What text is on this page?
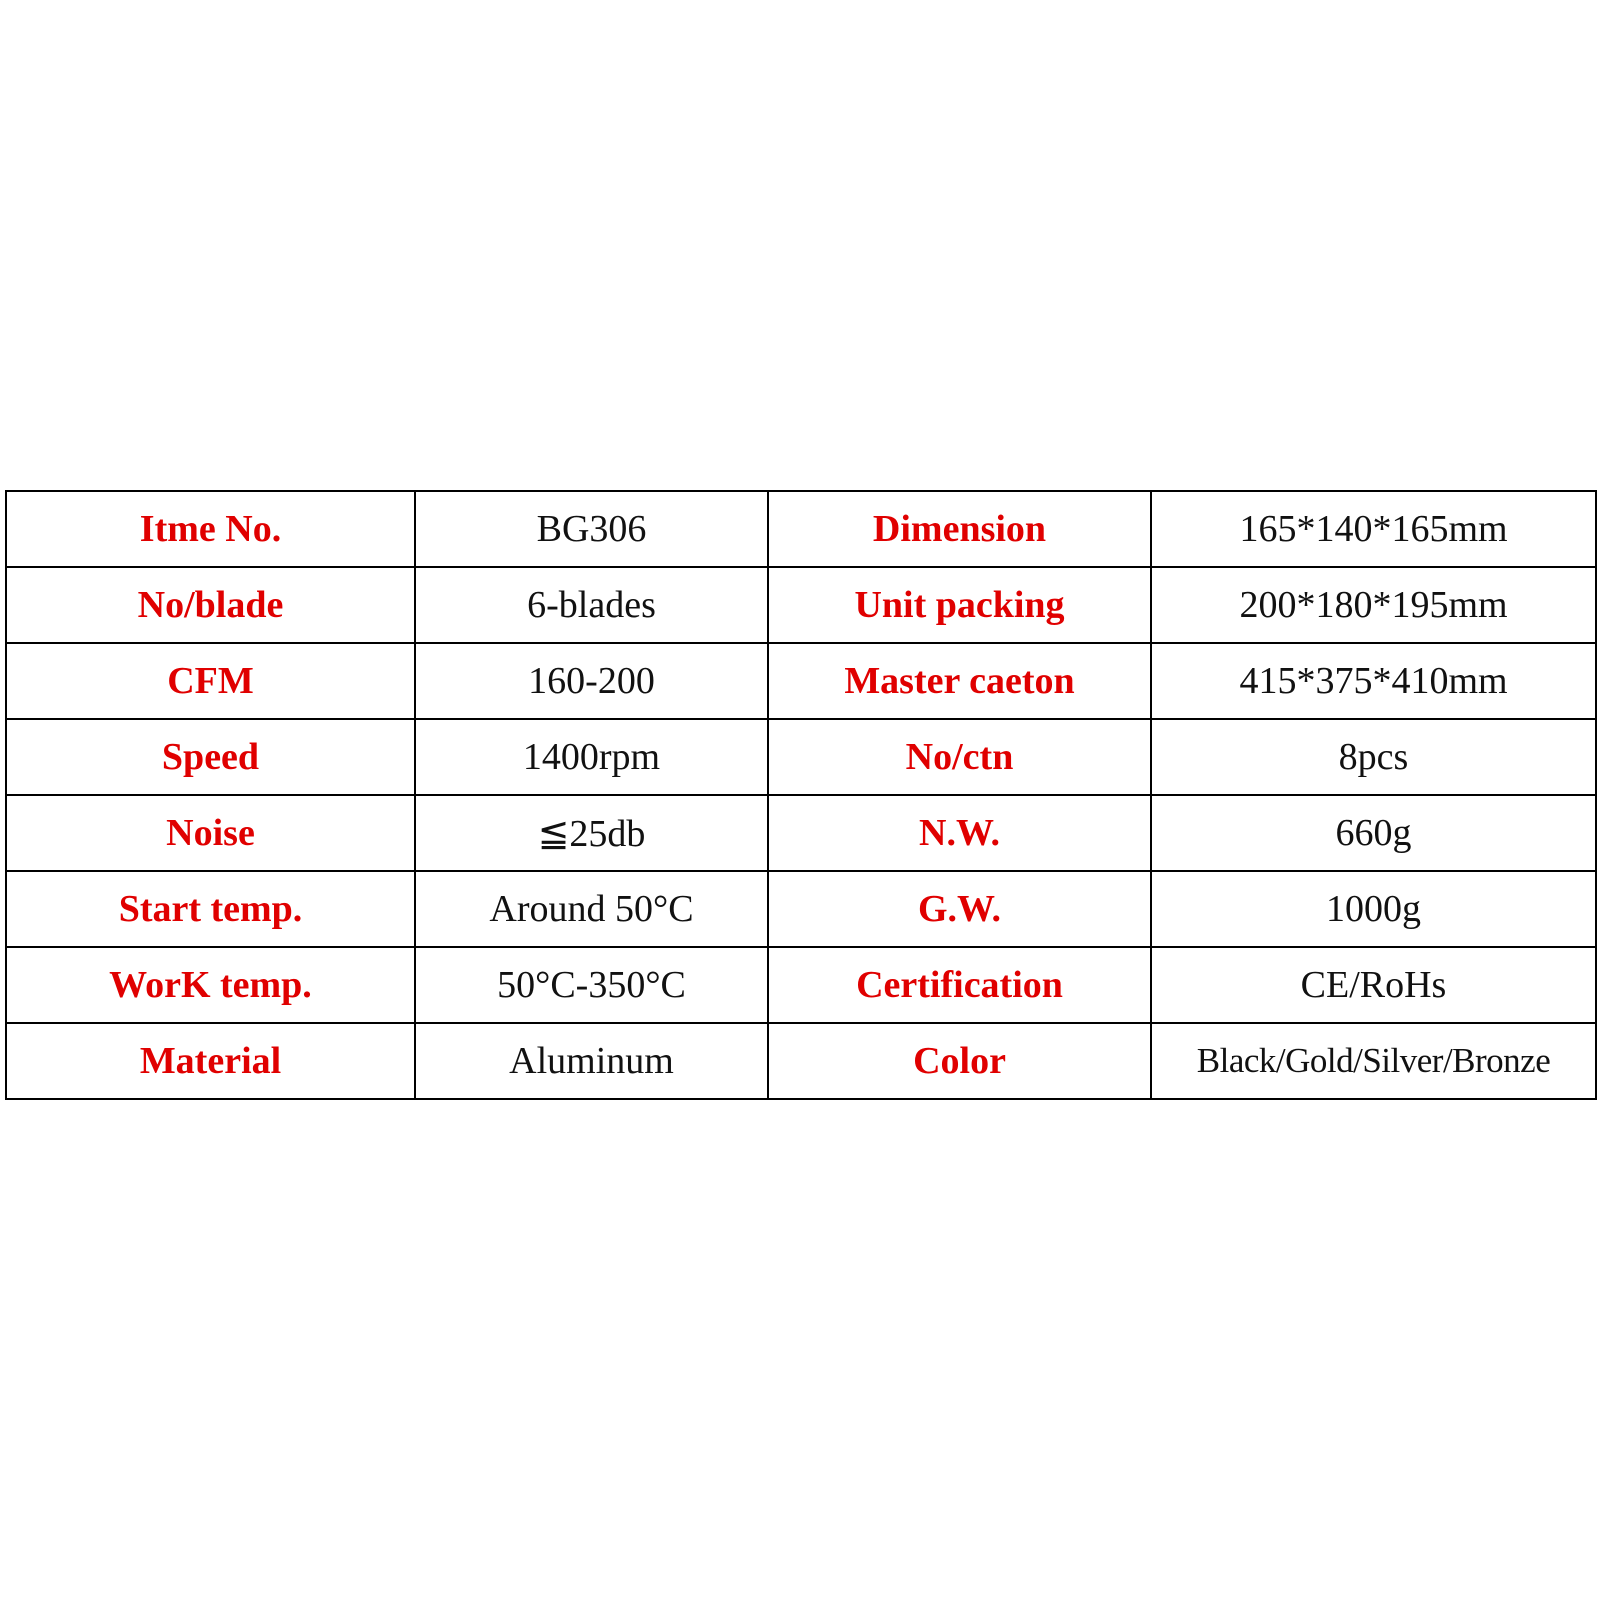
Itme No.	BG306	Dimension	165*140*165mm
No/blade	6-blades	Unit packing	200*180*195mm
CFM	160-200	Master caeton	415*375*410mm
Speed	1400rpm	No/ctn	8pcs
Noise	≦25db	N.W.	660g
Start temp.	Around 50°C	G.W.	1000g
WorK temp.	50°C-350°C	Certification	CE/RoHs
Material	Aluminum	Color	Black/Gold/Silver/Bronze
